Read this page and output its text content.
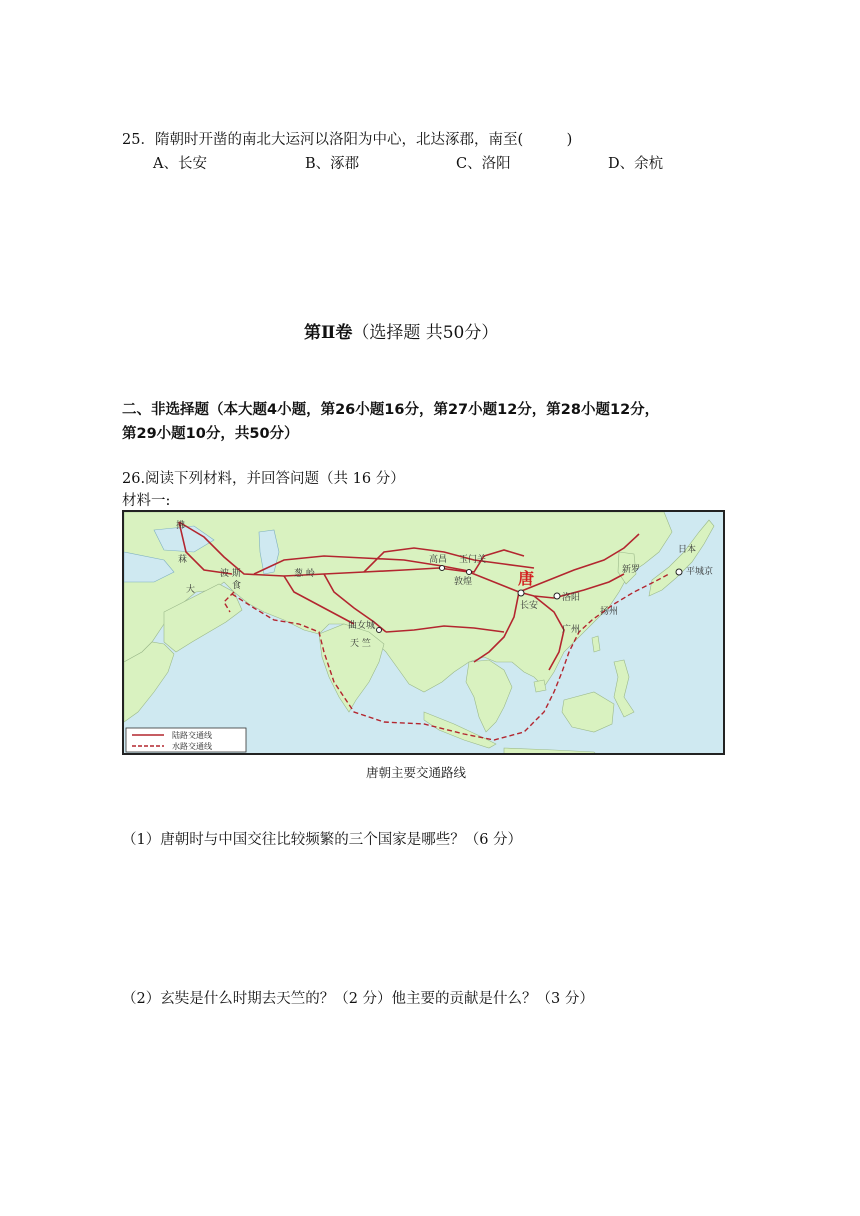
25．隋朝时开凿的南北大运河以洛阳为中心，北达涿郡，南至(　　　)
A、长安	B、涿郡	C、洛阳	D、余杭
第Ⅱ卷（选择题 共50分）
二、非选择题（本大题4小题，第26小题16分，第27小题12分，第28小题12分，
第29小题10分，共50分）
26.阅读下列材料，并回答问题（共 16 分）
材料一:
拂
菻
大	食
波 斯	葱 岭
高昌 玉门关
敦煌	唐
长安
洛阳
新罗
扬州
广州
日本
平城京
曲女城
天 竺
陆路交通线
水路交通线
唐朝主要交通路线
（1）唐朝时与中国交往比较频繁的三个国家是哪些？（6 分）
（2）玄奘是什么时期去天竺的？（2 分）他主要的贡献是什么？（3 分）
